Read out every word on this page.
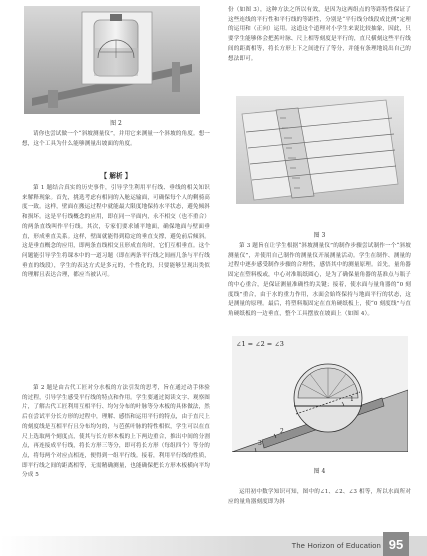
图 2

请你也尝试做一个“斜坡测量仪”，并用它来测量一个斜坡的角度。想一想，这个工具为什么能够测量出坡面的角度。

【 解析 】

第 1 题结合真实的历史事件，引导学生利用平行线、垂线的相关知识来解释现象。首先，挑选考虑有相同的入舱运输面，可确保每个人的剩骑高度一致。这样，壁面在搬运过程中就能最大限度地保持水平状态，避免倾斜和损坏。这是平行线概念的应用，即在同一平面内，永不相交（也不重合）的两条直线叫作平行线。其次，专家们要求铺平地面，确保地面与壁面垂直，形成垂直关系。这样，壁面就能得到稳定的垂直支撑，避免前后倾斜。这是垂直概念的应用，即两条直线相交且形成直角时，它们互相垂直。这个问题能引导学生将课本中的一道习题（即在两条平行线之间画几条与平行线垂直的线段），学生的表达方式是多元的，个性化的，只要能够呈现出类似的理解且表达合理，都应当被认可。

第 2 题是由古代工匠对分水板的方法引发的思考，旨在通过动手体验的过程，引导学生感受平行线的特点和作用。学生要通过阅读文字、观察图片，了解古代工匠利用互相平行、均匀分布的叶脉等分木板的具体做法，然后在尝试平分长方形的过程中，理解、感悟和运用平行的特点，由于直尺上的刻度线是互相平行且分布均匀的，与芭蕉叶脉的特性相似，学生可以在直尺上选取两个刻度点，使其与长方形木板的上下两边重合，推出中间的分割点，再连接成平行线，将长方形三等分，即可将长方形（每组四个）等分的点，将每两个对应点相连，便得到一组平行线。接着，利用平行线的性质，即平行线之间的距离相等，无需精确测量，也能确保把长方形木板横向平均分成 5

份（如图 3），这种方法之所以有效，是因为这两组点的等距特性保证了这些连线的平行性和平行线的等距性，分别是“平行线分线段成比例”定理的运用和（正向）运用。这道这个道理对小学生来说比较抽象，因此，只要学生能够体会把蕉叶脉、尺上相等刻度是平行的，直尺横刻这些平行线间的距离相等，将长方形上下之间进行了等分，并能有条理地说出自己的想法即可。

图 3

第 3 题旨在让学生根据“斜坡测量仪”的制作步骤尝试制作一个“斜坡测量仪”，并使用自己制作的测量仪开展测量活动。学生在制作、测量的过程中逐步感受制作步骤的合理性，感悟其中的测量原理。首先，量角器固定在塑料板或，中心对准瓶纸圆心，是为了确保量角器的基准点与瓶子的中心重合，是保证测量准确性的关键；接着，使水面与量角器的“0 刻度线”重合，由于水的重力作用，水面会始终保持与地面平行的状态，这是测量的原理。最后，将塑料瓶固定在直角硬纸板上，使“0 刻度线”与直角硬纸板的一边垂直，整个工具摆放在坡面上（如图 4）。

∠1 = ∠2 = ∠3
1
2
3
图 4

运用初中数学知识可知，图中的∠1、∠2、∠3 相等，所以水面所对应的量角器刻度即为斜

The Horizon of Education 95
